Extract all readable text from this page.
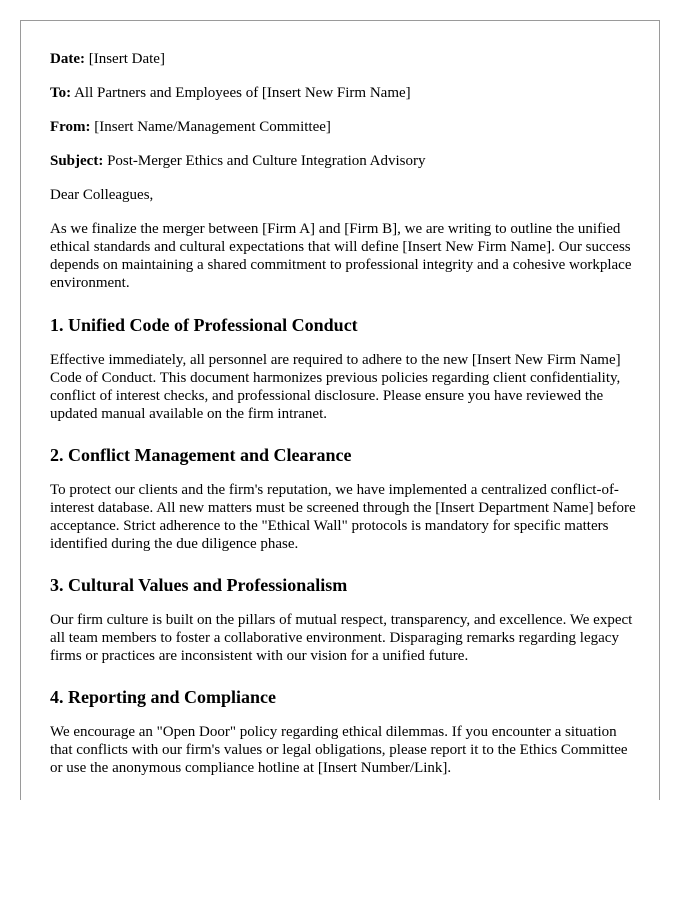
Date: [Insert Date]
To: All Partners and Employees of [Insert New Firm Name]
From: [Insert Name/Management Committee]
Subject: Post-Merger Ethics and Culture Integration Advisory

Dear Colleagues,

As we finalize the merger between [Firm A] and [Firm B], we are writing to outline the unified ethical standards and cultural expectations that will define [Insert New Firm Name]. Our success depends on maintaining a shared commitment to professional integrity and a cohesive workplace environment.

1. Unified Code of Professional Conduct

Effective immediately, all personnel are required to adhere to the new [Insert New Firm Name] Code of Conduct. This document harmonizes previous policies regarding client confidentiality, conflict of interest checks, and professional disclosure. Please ensure you have reviewed the updated manual available on the firm intranet.

2. Conflict Management and Clearance

To protect our clients and the firm's reputation, we have implemented a centralized conflict-of-interest database. All new matters must be screened through the [Insert Department Name] before acceptance. Strict adherence to the "Ethical Wall" protocols is mandatory for specific matters identified during the due diligence phase.

3. Cultural Values and Professionalism

Our firm culture is built on the pillars of mutual respect, transparency, and excellence. We expect all team members to foster a collaborative environment. Disparaging remarks regarding legacy firms or practices are inconsistent with our vision for a unified future.

4. Reporting and Compliance

We encourage an "Open Door" policy regarding ethical dilemmas. If you encounter a situation that conflicts with our firm's values or legal obligations, please report it to the Ethics Committee or use the anonymous compliance hotline at [Insert Number/Link].
